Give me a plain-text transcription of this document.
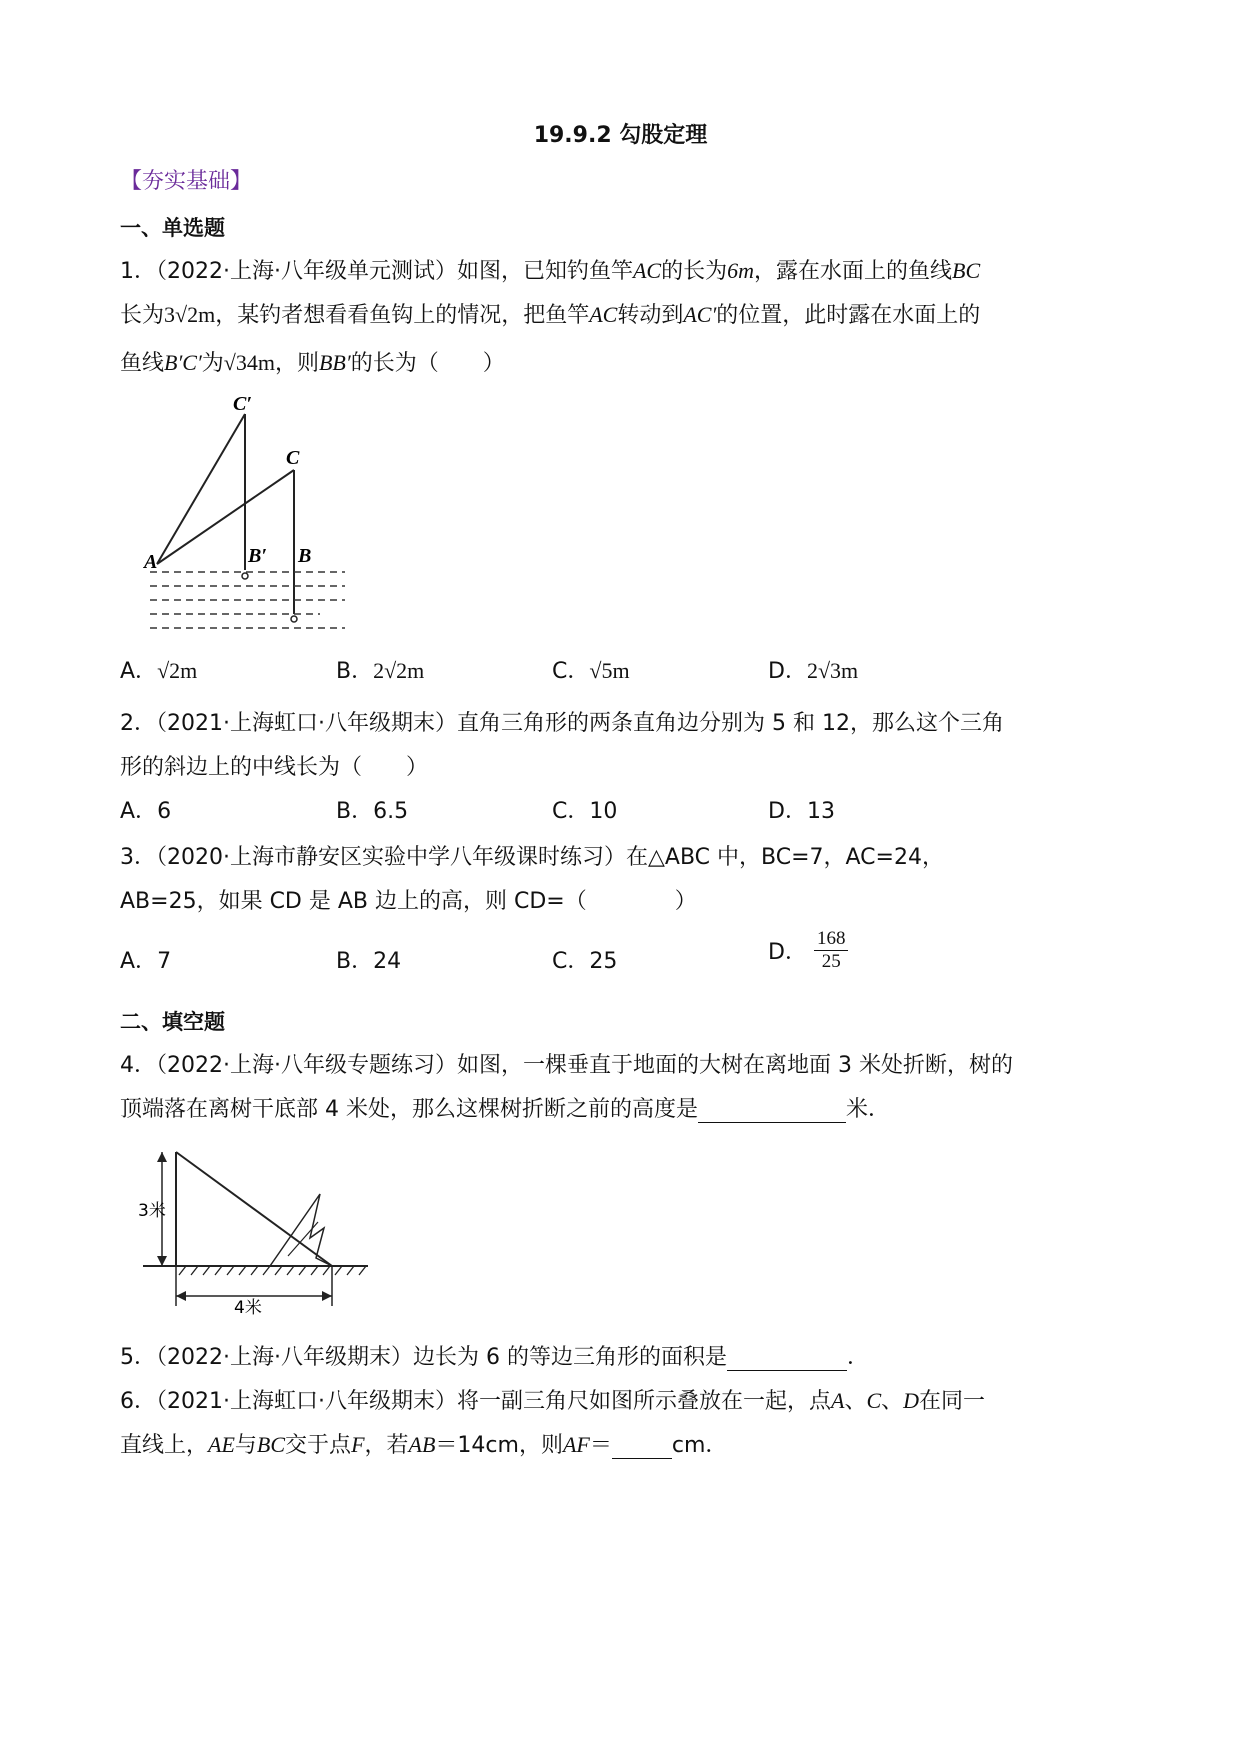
19.9.2 勾股定理
【夯实基础】
一、单选题
1．（2022·上海·八年级单元测试）如图，已知钓鱼竿AC的长为6m，露在水面上的鱼线BC
长为3√2m，某钓者想看看鱼钩上的情况，把鱼竿AC转动到AC′的位置，此时露在水面上的
鱼线B′C′为√34m，则BB′的长为（　　）
C′
C
A	B′ B
A．√2m	B．2√2m	C．√5m	D．2√3m
2．（2021·上海虹口·八年级期末）直角三角形的两条直角边分别为 5 和 12，那么这个三角
形的斜边上的中线长为（　　）
A．6	B．6.5	C．10	D．13
3．（2020·上海市静安区实验中学八年级课时练习）在△ABC 中，BC=7，AC=24，
AB=25，如果 CD 是 AB 边上的高，则 CD=（　　　　）
A．7	B．24	C．25	D． $\frac{168}{25}$
二、填空题
4．（2022·上海·八年级专题练习）如图，一棵垂直于地面的大树在离地面 3 米处折断，树的
顶端落在离树干底部 4 米处，那么这棵树折断之前的高度是	米．
3米
4米
5．（2022·上海·八年级期末）边长为 6 的等边三角形的面积是	．
6．（2021·上海虹口·八年级期末）将一副三角尺如图所示叠放在一起，点A、C、D在同一
直线上，AE与BC交于点F，若AB＝14cm，则AF＝	cm．
